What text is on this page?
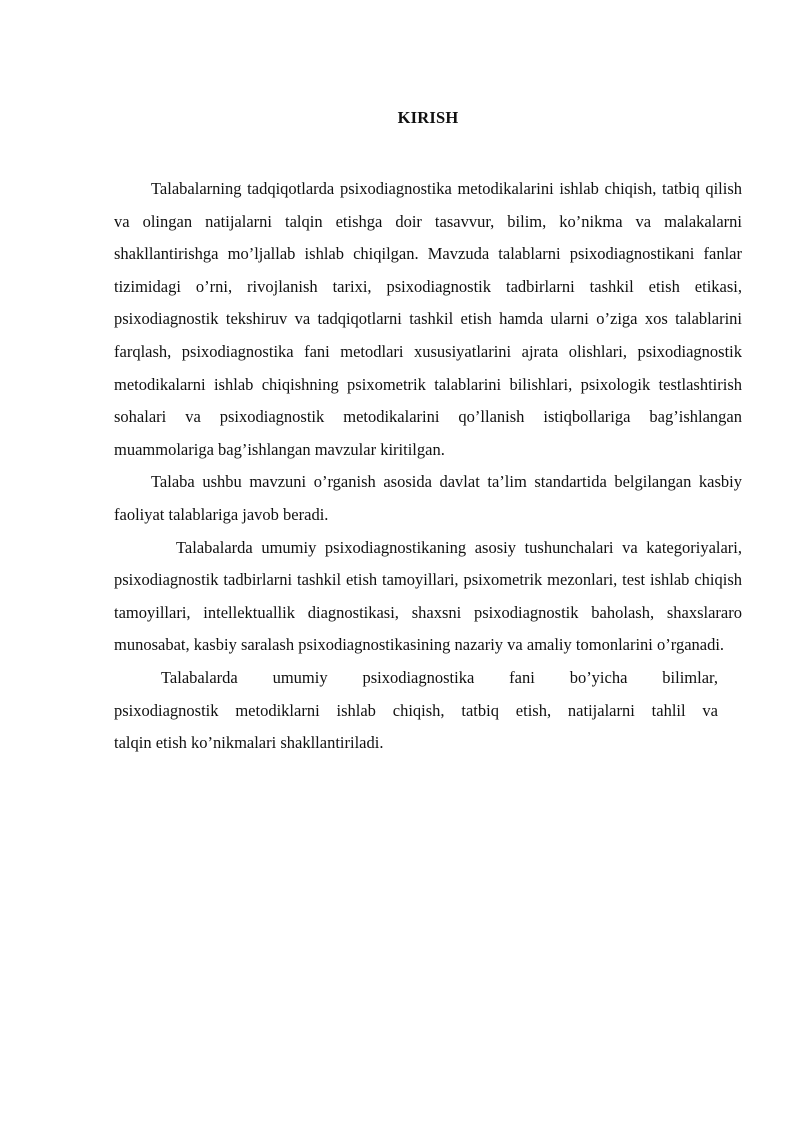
KIRISH

Talabalarning tadqiqotlarda psixodiagnostika metodikalarini ishlab chiqish, tatbiq qilish va olingan natijalarni talqin etishga doir tasavvur, bilim, ko’nikma va malakalarni shakllantirishga mo’ljallab ishlab chiqilgan. Mavzuda talablarni psixodiagnostikani fanlar tizimidagi o’rni, rivojlanish tarixi, psixodiagnostik tadbirlarni tashkil etish etikasi, psixodiagnostik tekshiruv va tadqiqotlarni tashkil etish hamda ularni o’ziga xos talablarini farqlash, psixodiagnostika fani metodlari xususiyatlarini ajrata olishlari, psixodiagnostik metodikalarni ishlab chiqishning psixometrik talablarini bilishlari, psixologik testlashtirish sohalari va psixodiagnostik metodikalarini qo’llanish istiqbollariga bag’ishlangan muammolariga bag’ishlangan mavzular kiritilgan.

Talaba ushbu mavzuni o’rganish asosida davlat ta’lim standartida belgilangan kasbiy faoliyat talablariga javob beradi.

Talabalarda umumiy psixodiagnostikaning asosiy tushunchalari va kategoriyalari, psixodiagnostik tadbirlarni tashkil etish tamoyillari, psixometrik mezonlari, test ishlab chiqish tamoyillari, intellektuallik diagnostikasi, shaxsni psixodiagnostik baholash, shaxslararo munosabat, kasbiy saralash psixodiagnostikasining nazariy va amaliy tomonlarini o’rganadi.

Talabalarda umumiy psixodiagnostika fani bo’yicha bilimlar,
psixodiagnostik metodiklarni ishlab chiqish, tatbiq etish, natijalarni tahlil va
talqin etish ko’nikmalari shakllantiriladi.
